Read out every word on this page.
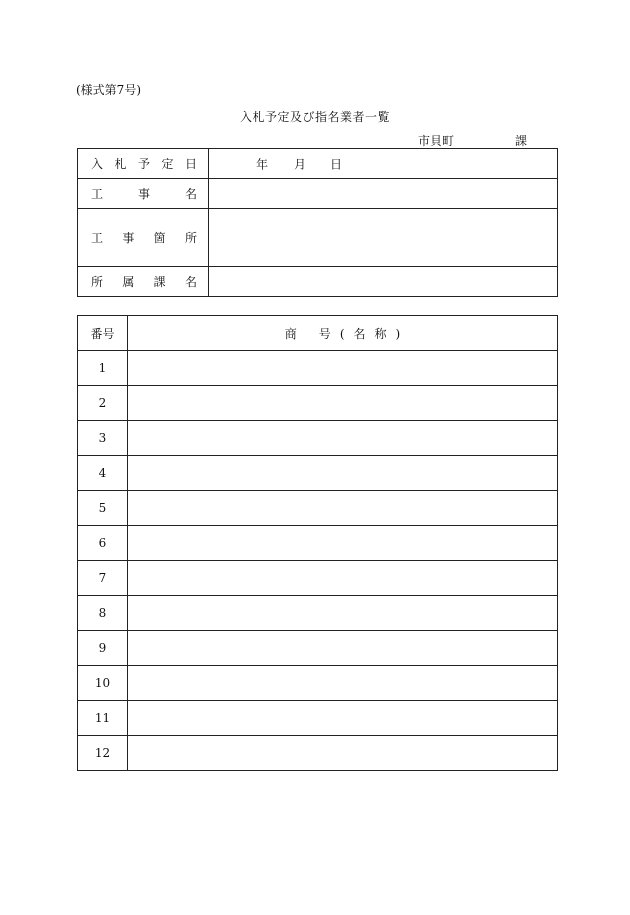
(様式第7号)
入札予定及び指名業者一覧
市貝町	課
入 札 予 定 日	年 月 日

工 事 名	

工 事 箇 所	

所 属 課 名	

番号	商 号 ( 名 称 )
1	
2	
3	
4	
5	
6	
7	
8	
9	
10	
11	
12	
